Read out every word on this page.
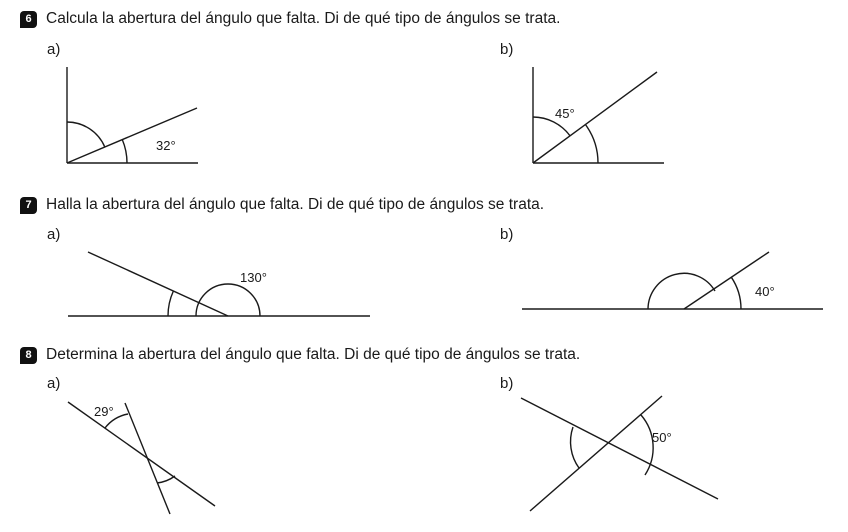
6 Calcula la abertura del ángulo que falta. Di de qué tipo de ángulos se trata.
a)	b)
7 Halla la abertura del ángulo que falta. Di de qué tipo de ángulos se trata.
a)	b)
8 Determina la abertura del ángulo que falta. Di de qué tipo de ángulos se trata.
a)	b)
32°
45°
130°
40°
29°
50°
